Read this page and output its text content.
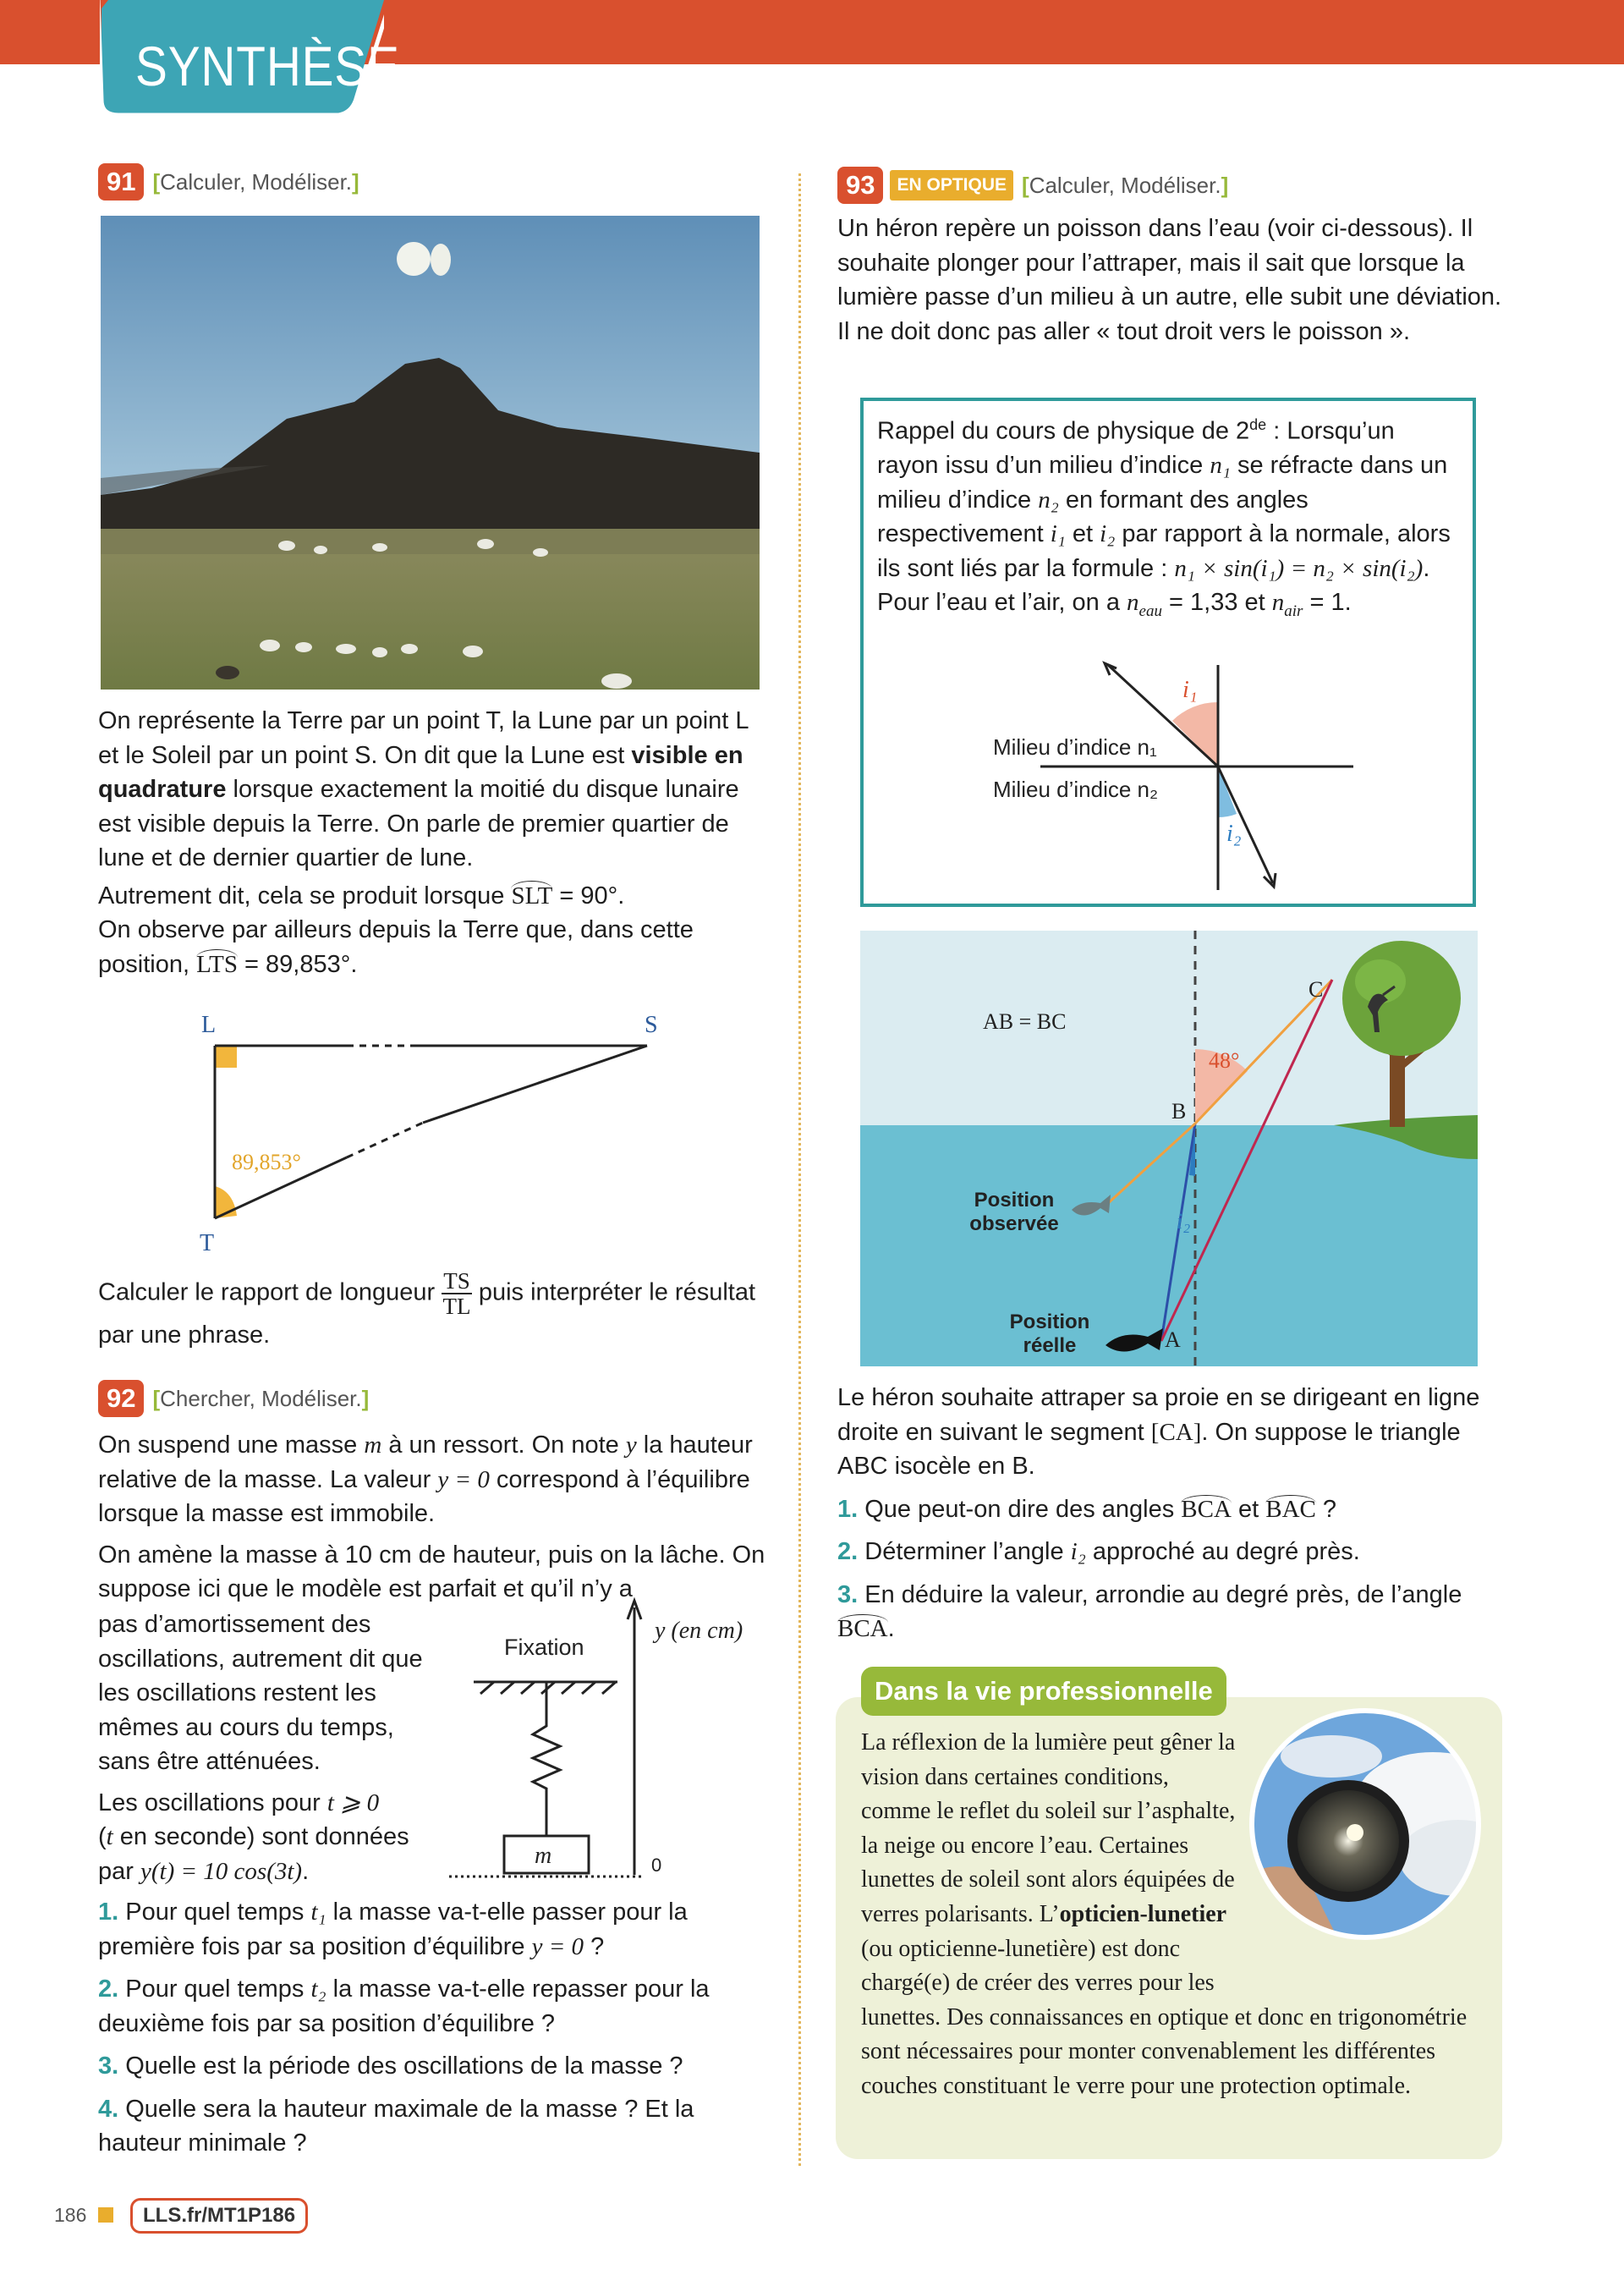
SYNTHÈSE
91 [Calculer, Modéliser.]

On représente la Terre par un point T, la Lune par un point L et le Soleil par un point S. On dit que la Lune est visible en quadrature lorsque exactement la moitié du disque lunaire est visible depuis la Terre. On parle de premier quartier de lune et de dernier quartier de lune.

Autrement dit, cela se produit lorsque SLT = 90°.

On observe par ailleurs depuis la Terre que, dans cette position, LTS = 89,853°.

L	S
T
89,853°

Calculer le rapport de longueur $\frac{TS}{TL}$ puis interpréter le résultat par une phrase.

92 [Chercher, Modéliser.]

On suspend une masse m à un ressort. On note y la hauteur relative de la masse. La valeur y = 0 correspond à l’équilibre lorsque la masse est immobile.

On amène la masse à 10 cm de hauteur, puis on la lâche. On suppose ici que le modèle est parfait et qu’il n’y a

pas d’amortissement des oscillations, autrement dit que les oscillations restent les mêmes au cours du temps, sans être atténuées.

Les oscillations pour t ⩾ 0
(t en seconde) sont données par y(t) = 10 cos(3t).

Fixation
y (en cm)
m	0

1. Pour quel temps t₁ la masse va-t-elle passer pour la première fois par sa position d’équilibre y = 0 ?

2. Pour quel temps t₂ la masse va-t-elle repasser pour la deuxième fois par sa position d’équilibre ?

3. Quelle est la période des oscillations de la masse ?

4. Quelle sera la hauteur maximale de la masse ? Et la hauteur minimale ?

93	EN OPTIQUE [Calculer, Modéliser.]

Un héron repère un poisson dans l’eau (voir ci-dessous). Il souhaite plonger pour l’attraper, mais il sait que lorsque la lumière passe d’un milieu à un autre, elle subit une déviation. Il ne doit donc pas aller « tout droit vers le poisson ».

Rappel du cours de physique de 2de : Lorsqu’un rayon issu d’un milieu d’indice n₁ se réfracte dans un milieu d’indice n₂ en formant des angles respectivement i₁ et i₂ par rapport à la normale, alors ils sont liés par la formule : n₁ × sin(i₁) = n₂ × sin(i₂). Pour l’eau et l’air, on a $n_{eau} = 1,33$ et $n_{air} = 1$.

i₁
i₂
Milieu d’indice n₁
Milieu d’indice n₂
AB = BC
48°
B
C
A
i₂
Position observée
Position réelle

Le héron souhaite attraper sa proie en se dirigeant en ligne droite en suivant le segment [CA]. On suppose le triangle ABC isocèle en B.

1. Que peut-on dire des angles BCA et BAC ?

2. Déterminer l’angle i₂ approché au degré près.

3. En déduire la valeur, arrondie au degré près, de l’angle BCA.

Dans la vie professionnelle
La réflexion de la lumière peut gêner la vision dans certaines conditions, comme le reflet du soleil sur l’asphalte, la neige ou encore l’eau. Certaines lunettes de soleil sont alors équipées de verres polarisants. L’opticien-lunetier (ou opticienne-lunetière) est donc chargé(e) de créer des verres pour les lunettes. Des connaissances en optique et donc en trigonométrie sont nécessaires pour monter convenablement les différentes couches constituant le verre pour une protection optimale.
186	LLS.fr/MT1P186
